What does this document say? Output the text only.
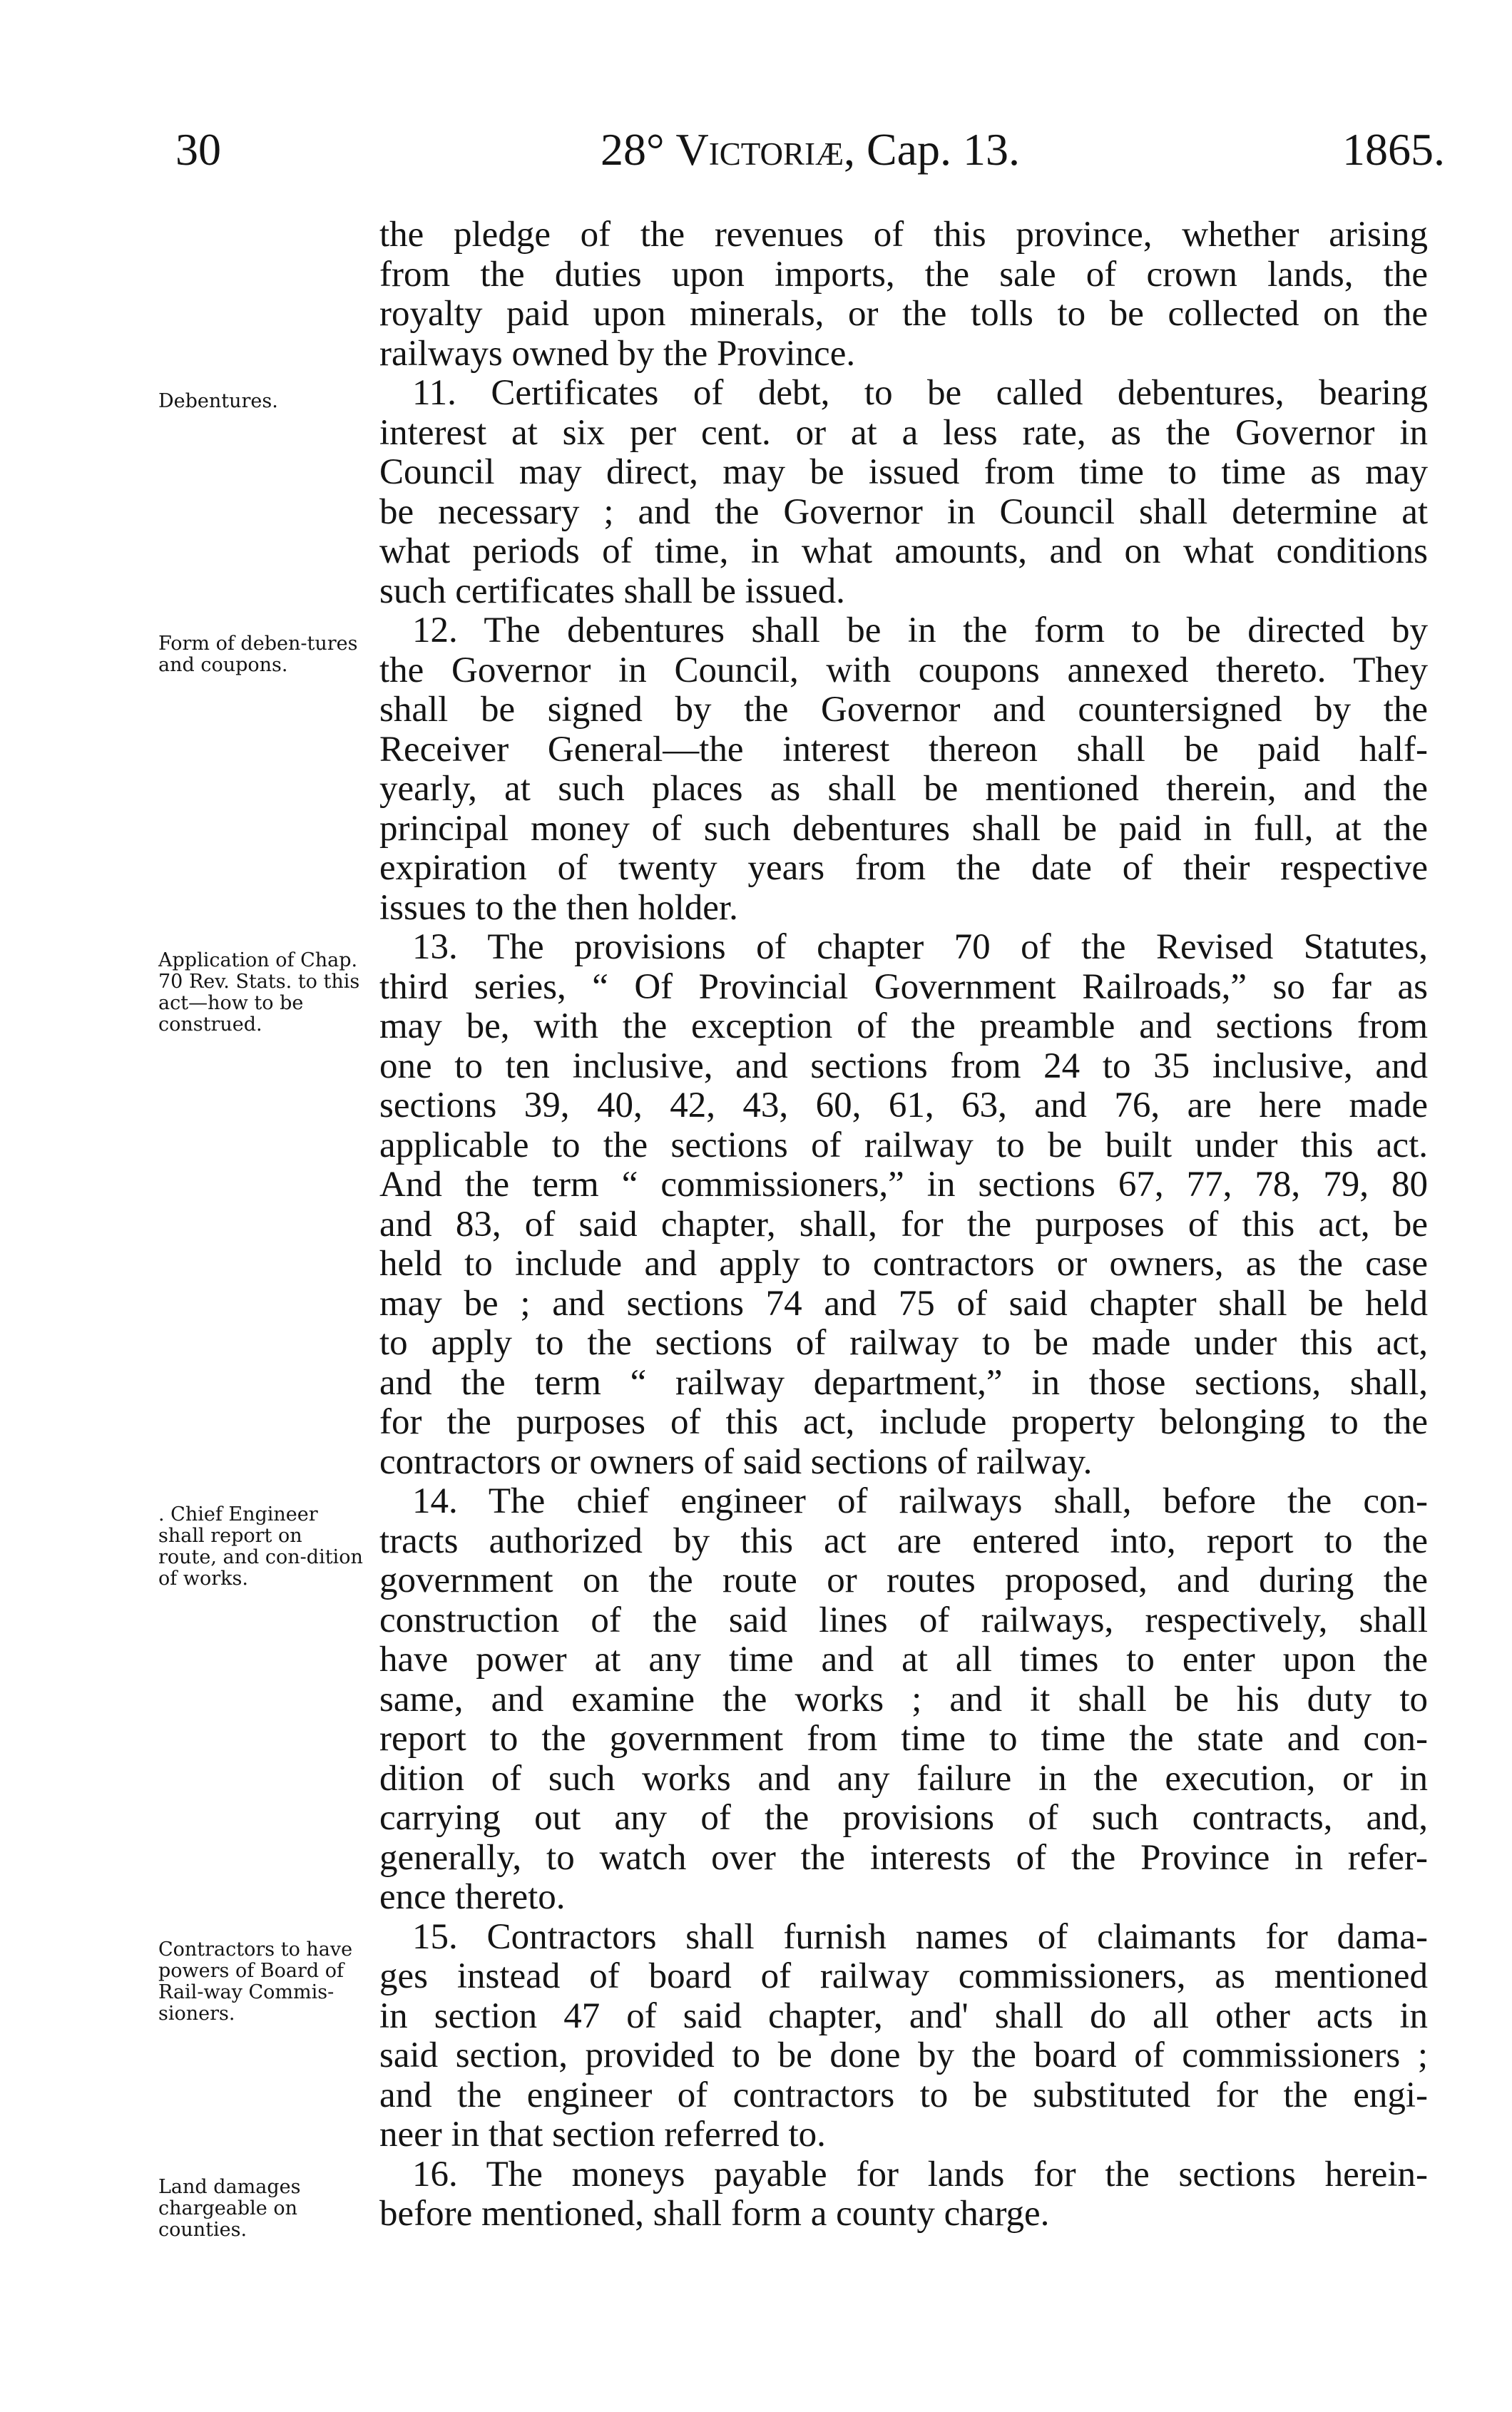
30	28° Victoriæ, Cap. 13.	1865.
Debentures.
Form of deben-tures and coupons.
Application of Chap. 70 Rev. Stats. to this act—how to be construed.
. Chief Engineer shall report on route, and con-dition of works.
Contractors to have powers of Board of Rail-way Commis-sioners.
Land damages chargeable on counties.
the pledge of the revenues of this province, whether arising
from the duties upon imports, the sale of crown lands, the
royalty paid upon minerals, or the tolls to be collected on the
railways owned by the Province.
11. Certificates of debt, to be called debentures, bearing
interest at six per cent. or at a less rate, as the Governor in
Council may direct, may be issued from time to time as may
be necessary ; and the Governor in Council shall determine at
what periods of time, in what amounts, and on what conditions
such certificates shall be issued.
12. The debentures shall be in the form to be directed by
the Governor in Council, with coupons annexed thereto. They
shall be signed by the Governor and countersigned by the
Receiver General—the interest thereon shall be paid half-
yearly, at such places as shall be mentioned therein, and the
principal money of such debentures shall be paid in full, at the
expiration of twenty years from the date of their respective
issues to the then holder.
13. The provisions of chapter 70 of the Revised Statutes,
third series, “ Of Provincial Government Railroads,” so far as
may be, with the exception of the preamble and sections from
one to ten inclusive, and sections from 24 to 35 inclusive, and
sections 39, 40, 42, 43, 60, 61, 63, and 76, are here made
applicable to the sections of railway to be built under this act.
And the term “ commissioners,” in sections 67, 77, 78, 79, 80
and 83, of said chapter, shall, for the purposes of this act, be
held to include and apply to contractors or owners, as the case
may be ; and sections 74 and 75 of said chapter shall be held
to apply to the sections of railway to be made under this act,
and the term “ railway department,” in those sections, shall,
for the purposes of this act, include property belonging to the
contractors or owners of said sections of railway.
14. The chief engineer of railways shall, before the con-
tracts authorized by this act are entered into, report to the
government on the route or routes proposed, and during the
construction of the said lines of railways, respectively, shall
have power at any time and at all times to enter upon the
same, and examine the works ; and it shall be his duty to
report to the government from time to time the state and con-
dition of such works and any failure in the execution, or in
carrying out any of the provisions of such contracts, and,
generally, to watch over the interests of the Province in refer-
ence thereto.
15. Contractors shall furnish names of claimants for dama-
ges instead of board of railway commissioners, as mentioned
in section 47 of said chapter, and' shall do all other acts in
said section, provided to be done by the board of commissioners ;
and the engineer of contractors to be substituted for the engi-
neer in that section referred to.
16. The moneys payable for lands for the sections herein-
before mentioned, shall form a county charge.
